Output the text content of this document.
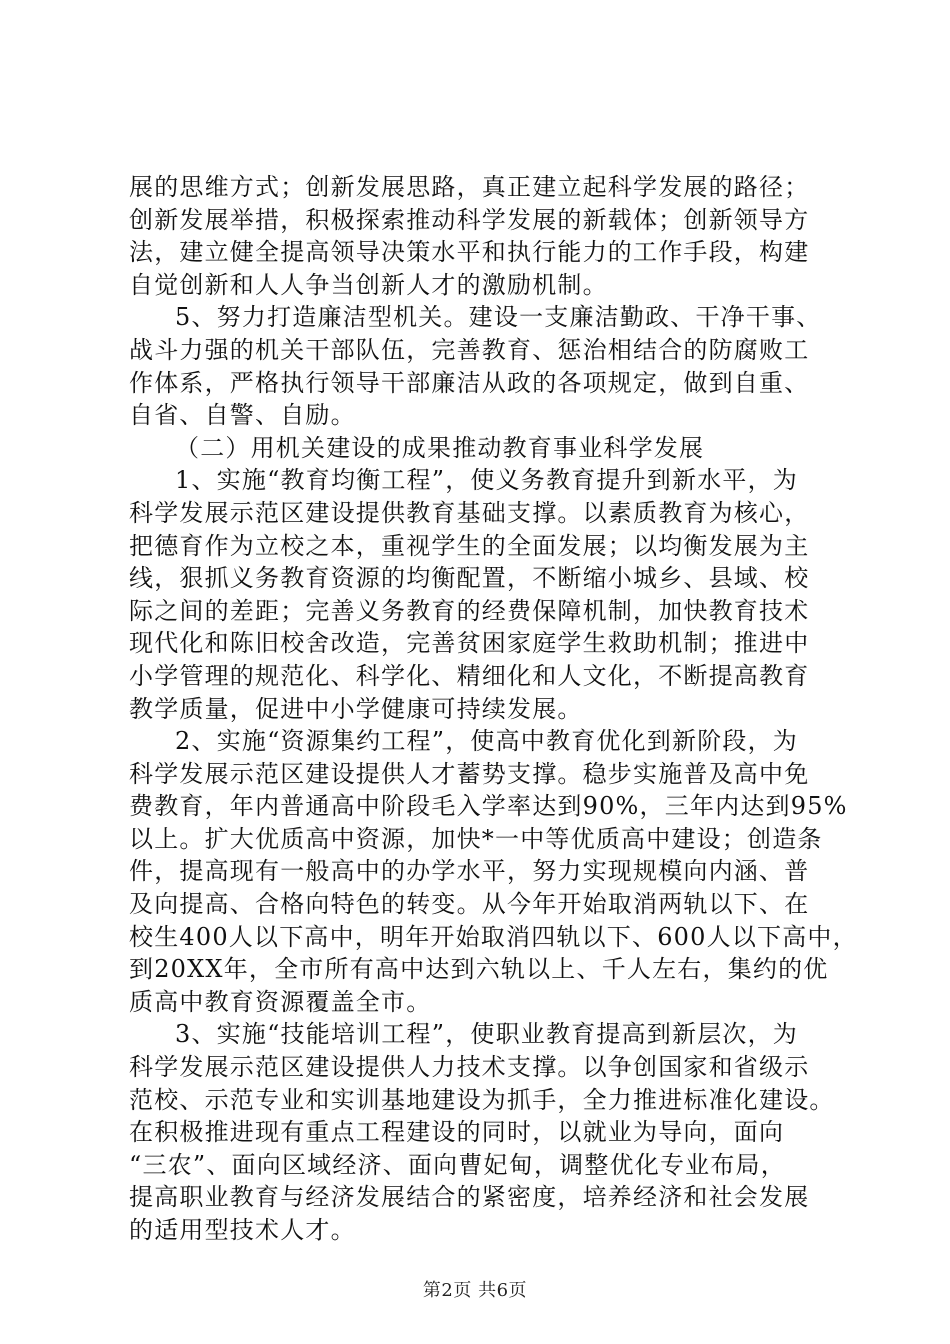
展的思维方式；创新发展思路，真正建立起科学发展的路径；
创新发展举措，积极探索推动科学发展的新载体；创新领导方
法，建立健全提高领导决策水平和执行能力的工作手段，构建
自觉创新和人人争当创新人才的激励机制。
5、努力打造廉洁型机关。建设一支廉洁勤政、干净干事、
战斗力强的机关干部队伍，完善教育、惩治相结合的防腐败工
作体系，严格执行领导干部廉洁从政的各项规定，做到自重、
自省、自警、自励。
（二）用机关建设的成果推动教育事业科学发展
1、实施“教育均衡工程”，使义务教育提升到新水平，为
科学发展示范区建设提供教育基础支撑。以素质教育为核心，
把德育作为立校之本，重视学生的全面发展；以均衡发展为主
线，狠抓义务教育资源的均衡配置，不断缩小城乡、县域、校
际之间的差距；完善义务教育的经费保障机制，加快教育技术
现代化和陈旧校舍改造，完善贫困家庭学生救助机制；推进中
小学管理的规范化、科学化、精细化和人文化，不断提高教育
教学质量，促进中小学健康可持续发展。
2、实施“资源集约工程”，使高中教育优化到新阶段，为
科学发展示范区建设提供人才蓄势支撑。稳步实施普及高中免
费教育，年内普通高中阶段毛入学率达到90%，三年内达到95%
以上。扩大优质高中资源，加快*一中等优质高中建设；创造条
件，提高现有一般高中的办学水平，努力实现规模向内涵、普
及向提高、合格向特色的转变。从今年开始取消两轨以下、在
校生400人以下高中，明年开始取消四轨以下、600人以下高中，
到20XX年，全市所有高中达到六轨以上、千人左右，集约的优
质高中教育资源覆盖全市。
3、实施“技能培训工程”，使职业教育提高到新层次，为
科学发展示范区建设提供人力技术支撑。以争创国家和省级示
范校、示范专业和实训基地建设为抓手，全力推进标准化建设。
在积极推进现有重点工程建设的同时，以就业为导向，面向
“三农”、面向区域经济、面向曹妃甸，调整优化专业布局，
提高职业教育与经济发展结合的紧密度，培养经济和社会发展
的适用型技术人才。
第2页 共6页
